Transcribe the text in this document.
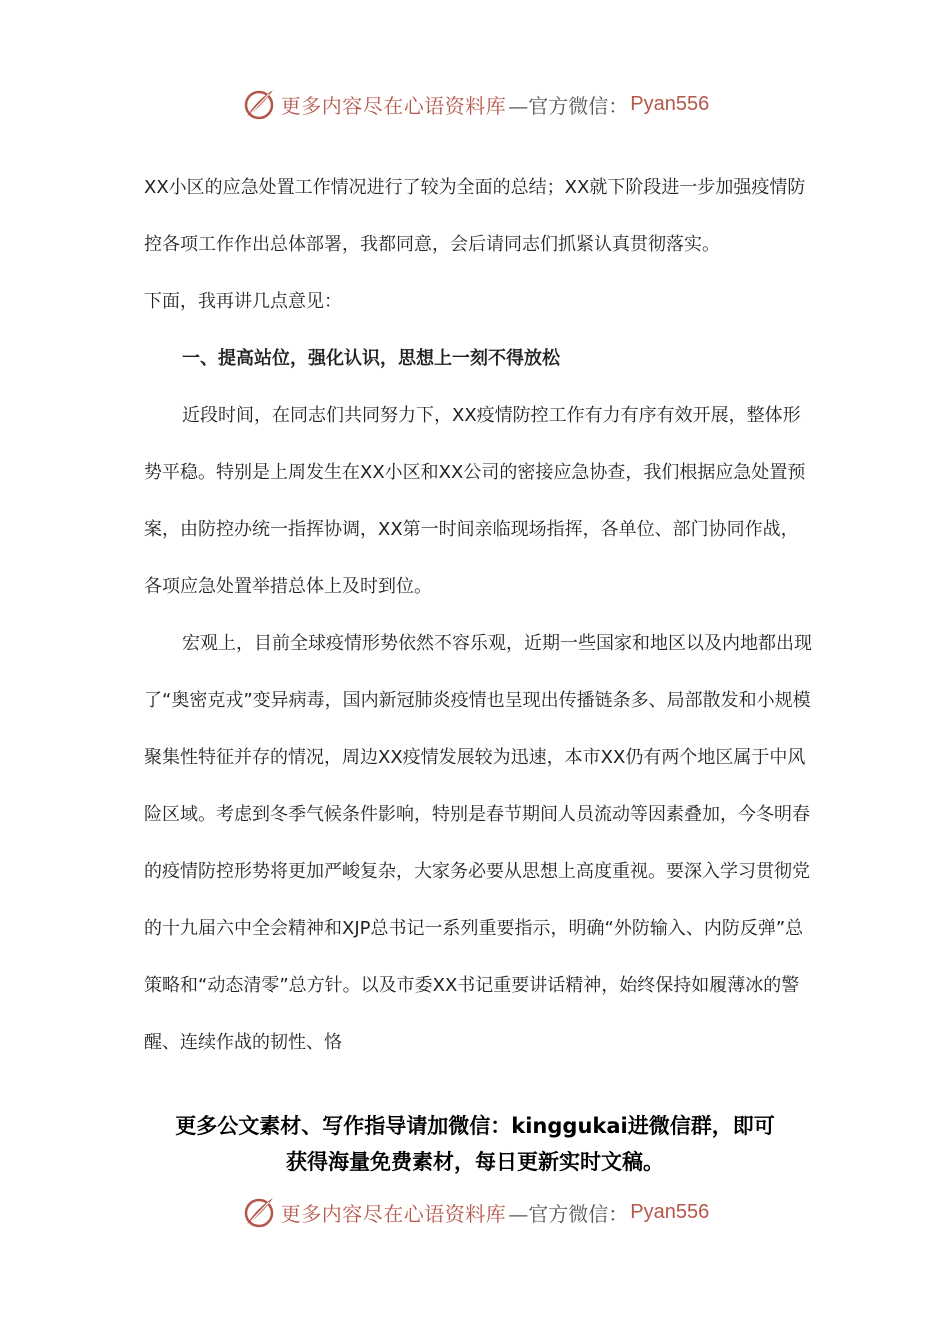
更多内容尽在心语资料库 —官方微信： Pyan556

XX小区的应急处置工作情况进行了较为全面的总结；XX就下阶段进一步加强疫情防控各项工作作出总体部署，我都同意，会后请同志们抓紧认真贯彻落实。

下面，我再讲几点意见：

一、提高站位，强化认识，思想上一刻不得放松

近段时间，在同志们共同努力下，XX疫情防控工作有力有序有效开展，整体形势平稳。特别是上周发生在XX小区和XX公司的密接应急协查，我们根据应急处置预案，由防控办统一指挥协调，XX第一时间亲临现场指挥，各单位、部门协同作战，各项应急处置举措总体上及时到位。

宏观上，目前全球疫情形势依然不容乐观，近期一些国家和地区以及内地都出现了“奥密克戎”变异病毒，国内新冠肺炎疫情也呈现出传播链条多、局部散发和小规模聚集性特征并存的情况，周边XX疫情发展较为迅速，本市XX仍有两个地区属于中风险区域。考虑到冬季气候条件影响，特别是春节期间人员流动等因素叠加，今冬明春的疫情防控形势将更加严峻复杂，大家务必要从思想上高度重视。要深入学习贯彻党的十九届六中全会精神和XJP总书记一系列重要指示，明确“外防输入、内防反弹”总策略和“动态清零”总方针。以及市委XX书记重要讲话精神，始终保持如履薄冰的警醒、连续作战的韧性、恪

更多公文素材、写作指导请加微信：kinggukai进微信群，即可
获得海量免费素材，每日更新实时文稿。
更多内容尽在心语资料库 —官方微信： Pyan556
